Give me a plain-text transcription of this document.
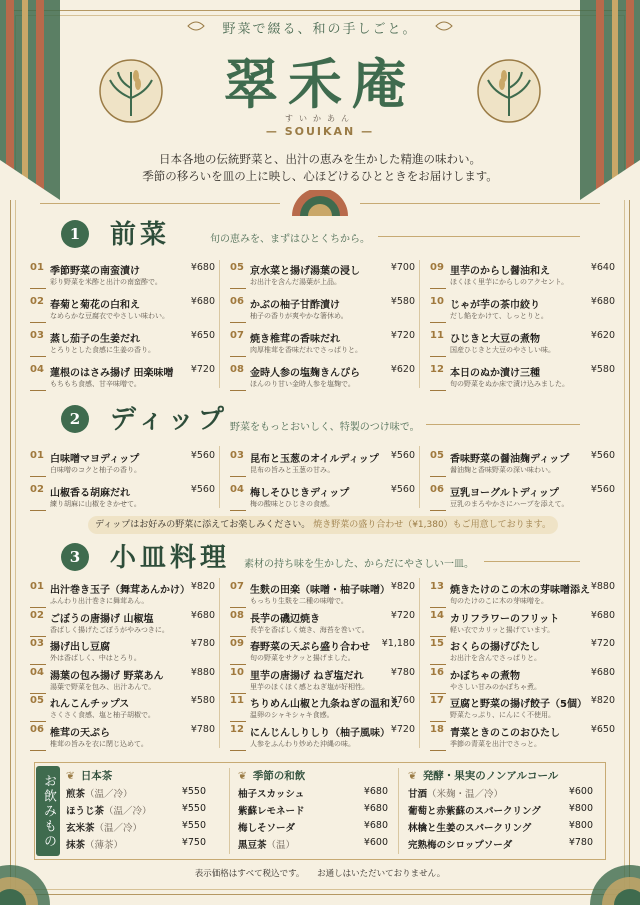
野菜で綴る、和の手しごと。
翠禾庵
すいかあん
— SOUIKAN —
日本各地の伝統野菜と、出汁の恵みを生かした精進の味わい。
季節の移ろいを皿の上に映し、心ほどけるひとときをお届けします。
1	前菜	旬の恵みを、まずはひとくちから。
01 季節野菜の南蛮漬け	¥680
彩り野菜を米酢と出汁の南蛮酢で。
02 春菊と菊花の白和え	¥680
なめらかな豆腐衣でやさしい味わい。
03 蒸し茄子の生姜だれ	¥650
とろりとした食感に生姜の香り。
04 蓮根のはさみ揚げ 田楽味噌 ¥720
もちもち食感、甘辛味噌で。
05 京水菜と揚げ湯葉の浸し	¥700
お出汁を含んだ湯葉が上品。
06 かぶの柚子甘酢漬け	¥580
柚子の香りが爽やかな箸休め。
07 焼き椎茸の香味だれ	¥720
肉厚椎茸を香味だれでさっぱりと。
08 金時人参の塩麹きんぴら	¥620
ほんのり甘い金時人参を塩麹で。
09 里芋のからし醤油和え	¥640
ほくほく里芋にからしのアクセント。
10 じゃが芋の茶巾絞り	¥680
だし餡をかけて、しっとりと。
11 ひじきと大豆の煮物	¥620
国産ひじきと大豆のやさしい味。
12 本日のぬか漬け三種	¥580
旬の野菜をぬか床で漬け込みました。
2	ディップ 野菜をもっとおいしく、特製のつけ味で。
01 白味噌マヨディップ	¥560
白味噌のコクと柚子の香り。
02 山椒香る胡麻だれ	¥560
練り胡麻に山椒をきかせて。
03 昆布と玉葱のオイルディップ ¥560
昆布の旨みと玉葱の甘み。
04 梅しそひじきディップ	¥560
梅の酸味とひじきの食感。
05 香味野菜の醤油麹ディップ ¥560
醤油麹と香味野菜の深い味わい。
06 豆乳ヨーグルトディップ	¥560
豆乳のまろやかさにハーブを添えて。
ディップはお好みの野菜に添えてお楽しみください。 焼き野菜の盛り合わせ（¥1,380）もご用意しております。
3	小皿料理 素材の持ち味を生かした、からだにやさしい一皿。
01 出汁巻き玉子（舞茸あんかけ） ¥820
ふんわり出汁巻きに舞茸あん。
02 ごぼうの唐揚げ 山椒塩	¥680
香ばしく揚げたごぼうがやみつきに。
03 揚げ出し豆腐	¥780
外は香ばしく、中はとろり。
04 湯葉の包み揚げ 野菜あん	¥880
湯葉で野菜を包み、出汁あんで。
05 れんこんチップス	¥580
さくさく食感、塩と柚子胡椒で。
06 椎茸の天ぷら	¥780
椎茸の旨みを衣に閉じ込めて。
07 生麩の田楽（味噌・柚子味噌） ¥820
もっちり生麩を二種の味噌で。
08 長芋の磯辺焼き	¥720
長芋を香ばしく焼き、海苔を巻いて。
09 春野菜の天ぷら盛り合わせ ¥1,180
旬の野菜をサクッと揚げました。
10 里芋の唐揚げ ねぎ塩だれ	¥780
里芋のほくほく感とねぎ塩が好相性。
11 ちりめん山椒と九条ねぎの温和え
¥760
温卵のシャキシャキ食感。
12 にんじんしりしり（柚子風味） ¥720
人参をふんわり炒めた沖縄の味。
13 焼きたけのこの木の芽味噌添え ¥880
旬のたけのこに木の芽味噌を。
14 カリフラワーのフリット	¥680
軽い衣でカリッと揚げています。
15 おくらの揚げびたし	¥720
お出汁を含んでさっぱりと。
16 かぼちゃの煮物	¥680
やさしい甘みのかぼちゃ煮。
17 豆腐と野菜の揚げ餃子（5個） ¥820
野菜たっぷり、にんにく不使用。
18 青菜ときのこのおひたし	¥650
季節の青菜を出汁でさっと。
お飲みもの ❦ 日本茶
煎茶（温／冷）	¥550
ほうじ茶（温／冷）	¥550
玄米茶（温／冷）	¥550
抹茶（薄茶）	¥750
❦ 季節の和飲
柚子スカッシュ	¥680
紫蘇レモネード	¥680
梅しそソーダ	¥680
黒豆茶（温）	¥600
❦ 発酵・果実のノンアルコール
甘酒（米麹・温／冷）	¥600
葡萄と赤紫蘇のスパークリング	¥800
林檎と生姜のスパークリング	¥800
完熟梅のシロップソーダ	¥780
表示価格はすべて税込です。　　お通しはいただいておりません。
